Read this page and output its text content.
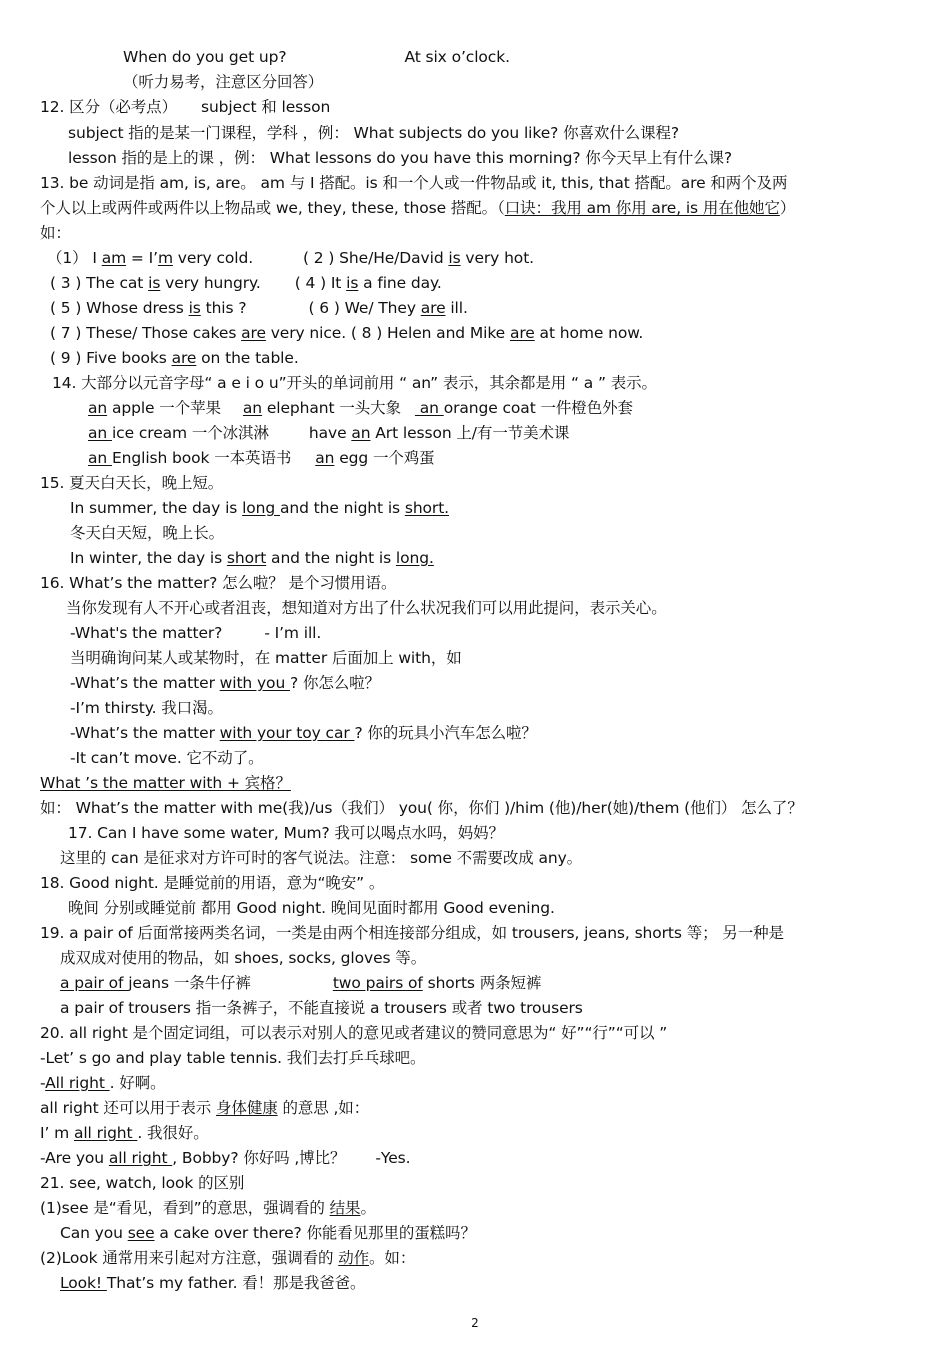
When do you get up?	At six o’clock.
（听力易考，注意区分回答）
12. 区分（必考点） subject 和 lesson
subject 指的是某一门课程，学科 ，例： What subjects do you like? 你喜欢什么课程?
lesson 指的是上的课 ，例： What lessons do you have this morning? 你今天早上有什么课?
13. be 动词是指 am, is, are。 am 与 I 搭配。is 和一个人或一件物品或 it, this, that 搭配。are 和两个及两
个人以上或两件或两件以上物品或 we, they, these, those 搭配。（口诀：我用 am 你用 are, is 用在他她它）
如：
（1） I am = I’m very cold.	( 2 ) She/He/David is very hot.
( 3 ) The cat is very hungry. ( 4 ) It is a fine day.
( 5 ) Whose dress is this ?	( 6 ) We/ They are ill.
( 7 ) These/ Those cakes are very nice. ( 8 ) Helen and Mike are at home now.
( 9 ) Five books are on the table.
14. 大部分以元音字母“ a e i o u”开头的单词前用 “ an” 表示，其余都是用 “ a ” 表示。
an apple 一个苹果 an elephant 一头大象 an orange coat 一件橙色外套
an ice cream 一个冰淇淋	have an Art lesson 上/有一节美术课
an English book 一本英语书 an egg 一个鸡蛋
15. 夏天白天长，晚上短。
In summer, the day is long and the night is short.
冬天白天短，晚上长。
In winter, the day is short and the night is long.
16. What’s the matter? 怎么啦？ 是个习惯用语。
当你发现有人不开心或者沮丧，想知道对方出了什么状况我们可以用此提问，表示关心。
-What's the matter?	- I’m ill.
当明确询问某人或某物时，在 matter 后面加上 with，如
-What’s the matter with you ? 你怎么啦？
-I’m thirsty. 我口渴。
-What’s the matter with your toy car ? 你的玩具小汽车怎么啦？
-It can’t move. 它不动了。
What ’s the matter with + 宾格？
如： What’s the matter with me(我)/us（我们） you( 你，你们 )/him (他)/her(她)/them (他们） 怎么了？
17. Can I have some water, Mum? 我可以喝点水吗，妈妈？
这里的 can 是征求对方许可时的客气说法。注意： some 不需要改成 any。
18. Good night. 是睡觉前的用语，意为“晚安” 。
晚间 分别或睡觉前 都用 Good night. 晚间见面时都用 Good evening.
19. a pair of 后面常接两类名词，一类是由两个相连接部分组成，如 trousers, jeans, shorts 等； 另一种是
成双成对使用的物品，如 shoes, socks, gloves 等。
a pair of jeans 一条牛仔裤	two pairs of shorts 两条短裤
a pair of trousers 指一条裤子，不能直接说 a trousers 或者 two trousers
20. all right 是个固定词组，可以表示对别人的意见或者建议的赞同意思为“ 好”“行”“可以 ”
-Let’ s go and play table tennis. 我们去打乒乓球吧。
-All right . 好啊。
all right 还可以用于表示 身体健康 的意思 ,如：
I’ m all right . 我很好。
-Are you all right , Bobby? 你好吗 ,博比？ -Yes.
21. see, watch, look 的区别
(1)see 是“看见，看到”的意思，强调看的 结果。
Can you see a cake over there? 你能看见那里的蛋糕吗？
(2)Look 通常用来引起对方注意，强调看的 动作。如：
Look! That’s my father. 看！那是我爸爸。
2
